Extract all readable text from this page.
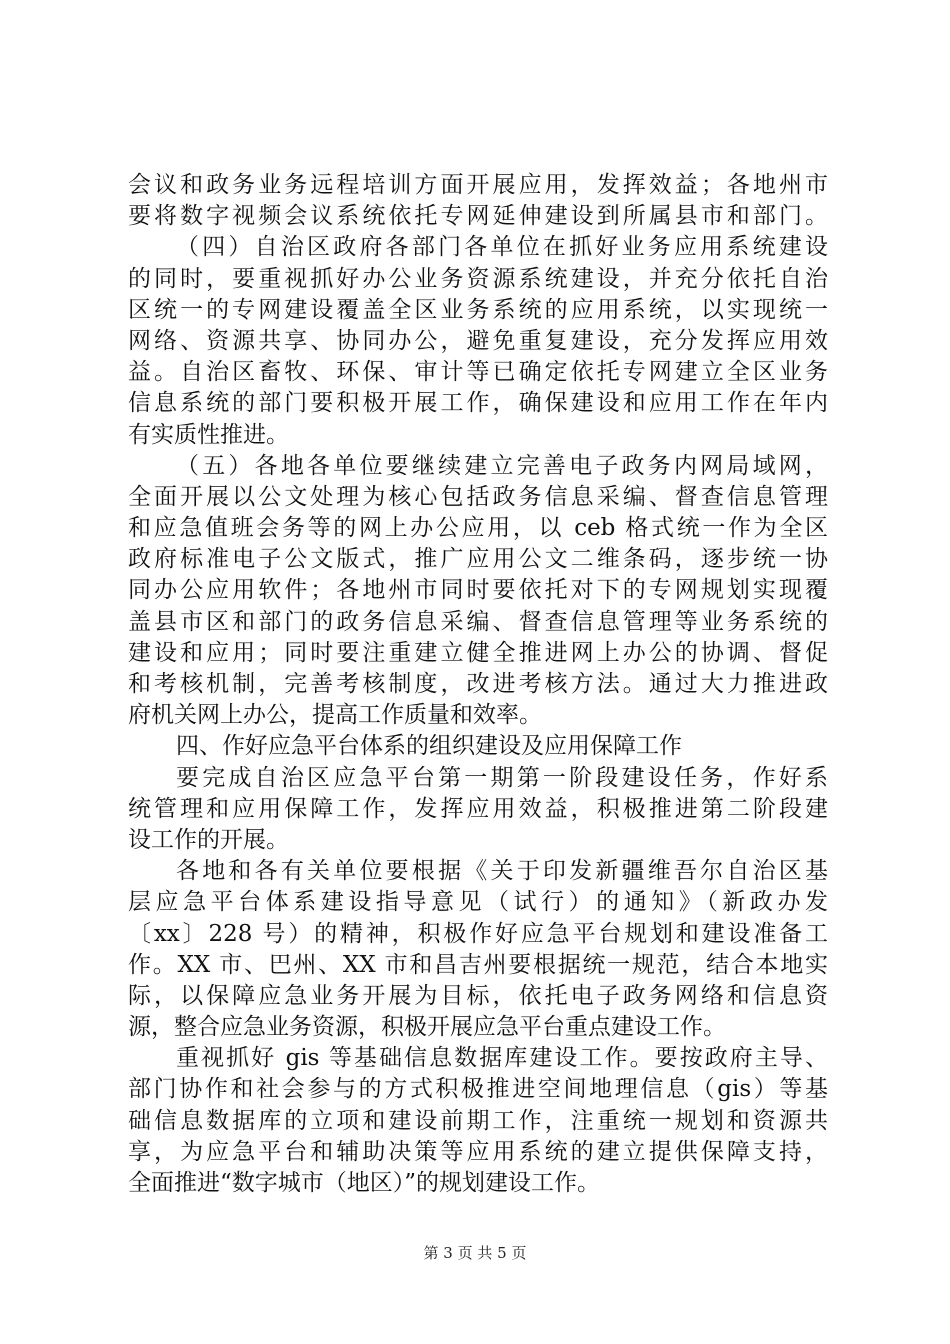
会议和政务业务远程培训方面开展应用，发挥效益；各地州市
要将数字视频会议系统依托专网延伸建设到所属县市和部门。
（四）自治区政府各部门各单位在抓好业务应用系统建设
的同时，要重视抓好办公业务资源系统建设，并充分依托自治
区统一的专网建设覆盖全区业务系统的应用系统，以实现统一
网络、资源共享、协同办公，避免重复建设，充分发挥应用效
益。自治区畜牧、环保、审计等已确定依托专网建立全区业务
信息系统的部门要积极开展工作，确保建设和应用工作在年内
有实质性推进。
（五）各地各单位要继续建立完善电子政务内网局域网，
全面开展以公文处理为核心包括政务信息采编、督查信息管理
和应急值班会务等的网上办公应用，以 ceb 格式统一作为全区
政府标准电子公文版式，推广应用公文二维条码，逐步统一协
同办公应用软件；各地州市同时要依托对下的专网规划实现覆
盖县市区和部门的政务信息采编、督查信息管理等业务系统的
建设和应用；同时要注重建立健全推进网上办公的协调、督促
和考核机制，完善考核制度，改进考核方法。通过大力推进政
府机关网上办公，提高工作质量和效率。
四、作好应急平台体系的组织建设及应用保障工作
要完成自治区应急平台第一期第一阶段建设任务，作好系
统管理和应用保障工作，发挥应用效益，积极推进第二阶段建
设工作的开展。
各地和各有关单位要根据《关于印发新疆维吾尔自治区基
层应急平台体系建设指导意见（试行）的通知》（新政办发
〔xx〕228 号）的精神，积极作好应急平台规划和建设准备工
作。XX 市、巴州、XX 市和昌吉州要根据统一规范，结合本地实
际，以保障应急业务开展为目标，依托电子政务网络和信息资
源，整合应急业务资源，积极开展应急平台重点建设工作。
重视抓好 gis 等基础信息数据库建设工作。要按政府主导、
部门协作和社会参与的方式积极推进空间地理信息（gis）等基
础信息数据库的立项和建设前期工作，注重统一规划和资源共
享，为应急平台和辅助决策等应用系统的建立提供保障支持，
全面推进“数字城市（地区）”的规划建设工作。
第 3 页 共 5 页
